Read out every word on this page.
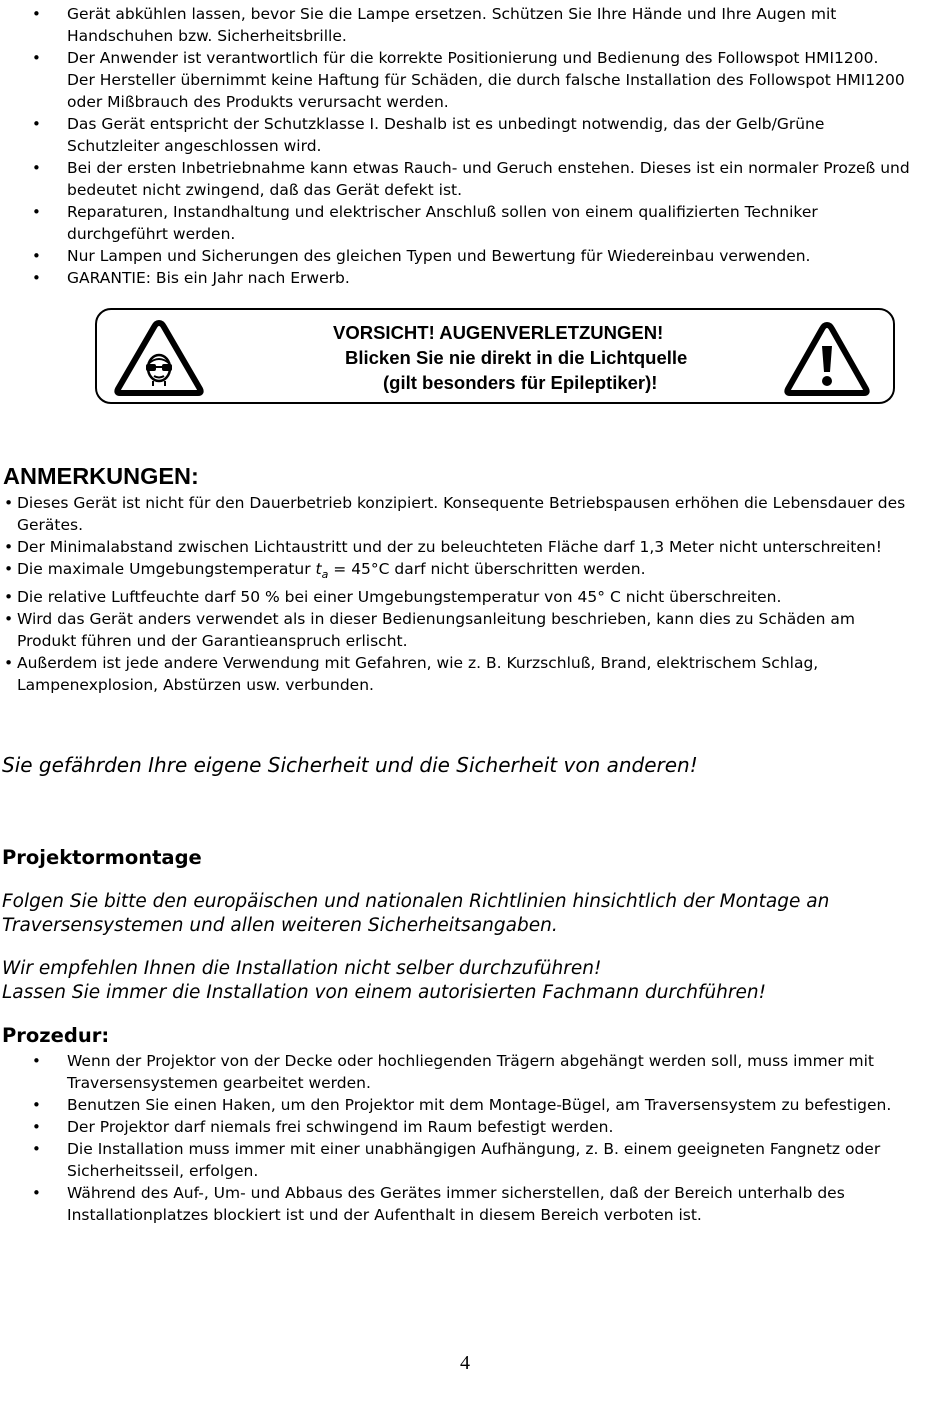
• Gerät abkühlen lassen, bevor Sie die Lampe ersetzen. Schützen Sie Ihre Hände und Ihre Augen mit Handschuhen bzw. Sicherheitsbrille.
• Der Anwender ist verantwortlich für die korrekte Positionierung und Bedienung des Followspot HMI1200. Der Hersteller übernimmt keine Haftung für Schäden, die durch falsche Installation des Followspot HMI1200 oder Mißbrauch des Produkts verursacht werden.
• Das Gerät entspricht der Schutzklasse I. Deshalb ist es unbedingt notwendig, das der Gelb/Grüne Schutzleiter angeschlossen wird.
• Bei der ersten Inbetriebnahme kann etwas Rauch- und Geruch enstehen. Dieses ist ein normaler Prozeß und bedeutet nicht zwingend, daß das Gerät defekt ist.
• Reparaturen, Instandhaltung und elektrischer Anschluß sollen von einem qualifizierten Techniker durchgeführt werden.
• Nur Lampen und Sicherungen des gleichen Typen und Bewertung für Wiedereinbau verwenden.
• GARANTIE: Bis ein Jahr nach Erwerb.
VORSICHT! AUGENVERLETZUNGEN!
Blicken Sie nie direkt in die Lichtquelle
(gilt besonders für Epileptiker)!
ANMERKUNGEN:
• Dieses Gerät ist nicht für den Dauerbetrieb konzipiert. Konsequente Betriebspausen erhöhen die Lebensdauer des Gerätes.
• Der Minimalabstand zwischen Lichtaustritt und der zu beleuchteten Fläche darf 1,3 Meter nicht unterschreiten!
• Die maximale Umgebungstemperatur $t_a = 45^\circ C$ darf nicht überschritten werden.
• Die relative Luftfeuchte darf 50 % bei einer Umgebungstemperatur von 45° C nicht überschreiten.
• Wird das Gerät anders verwendet als in dieser Bedienungsanleitung beschrieben, kann dies zu Schäden am Produkt führen und der Garantieanspruch erlischt.
• Außerdem ist jede andere Verwendung mit Gefahren, wie z. B. Kurzschluß, Brand, elektrischem Schlag, Lampenexplosion, Abstürzen usw. verbunden.
Sie gefährden Ihre eigene Sicherheit und die Sicherheit von anderen!
Projektormontage
Folgen Sie bitte den europäischen und nationalen Richtlinien hinsichtlich der Montage an Traversensystemen und allen weiteren Sicherheitsangaben.
Wir empfehlen Ihnen die Installation nicht selber durchzuführen!
Lassen Sie immer die Installation von einem autorisierten Fachmann durchführen!
Prozedur:
• Wenn der Projektor von der Decke oder hochliegenden Trägern abgehängt werden soll, muss immer mit Traversensystemen gearbeitet werden.
• Benutzen Sie einen Haken, um den Projektor mit dem Montage-Bügel, am Traversensystem zu befestigen.
• Der Projektor darf niemals frei schwingend im Raum befestigt werden.
• Die Installation muss immer mit einer unabhängigen Aufhängung, z. B. einem geeigneten Fangnetz oder Sicherheitsseil, erfolgen.
• Während des Auf-, Um- und Abbaus des Gerätes immer sicherstellen, daß der Bereich unterhalb des Installationplatzes blockiert ist und der Aufenthalt in diesem Bereich verboten ist.
4
